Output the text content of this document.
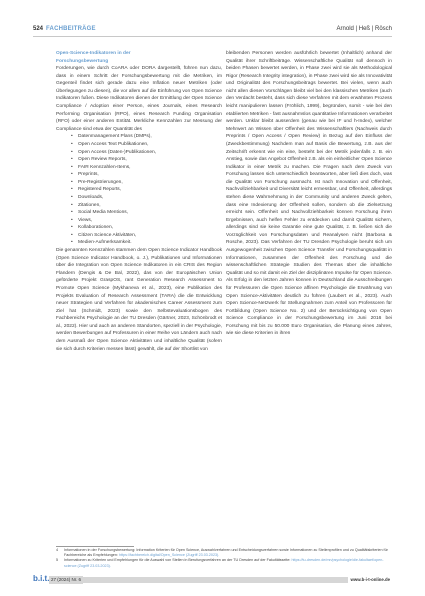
524 FACHBEITRÄGE	Arnold | Heß | Rösch

Open-Science-Indikatoren in der
Forschungsbewertung

Forderungen, wie durch CoARA oder DORA dargestellt, führen nun dazu, dass in einem Schritt der Forschungsbewertung mit die Metriken, im Gegenteil findet sich gerade dazu eine Inflation neuer Metriken (oder Überlegungen zu diesen), die vor allem auf die Einführung von Open Science Indikatoren fußen. Diese Indikatoren dienen der Ermittlung der Open Science Compliance / Adoption einer Person, eines Journals, eines Research Performing Organisation (RPO), eines Research Funding Organisation (RFO) oder einer anderen Entität. Merkliche Kennzahlen zur Messung der Compliance sind etwa der Quantität des

• Datenmanagement Plans (DMPs),
• Open Access Text Publikationen,
• Open Access (Daten-)Publikationen,
• Open Review Reports,
• FAIR Kennzahlen-Items,
• Preprints,
• Pre-Registrierungen,
• Registered Reports,
• Downloads,
• Zitationen,
• Social Media Mentions,
• Views,
• Kollaborationen,
• Citizen Science Aktivitäten,
• Medien-Aufmerksamkeit.

Die genannten Kennzahlen stammen dem Open Science Indicator Handbook (Open Science Indicator Handbook, o. J.), Publikationen und Informationen über die Integration von Open Science Indikatoren in ein CRIS des Region Flandern (Dengis & De Bal, 2022), das von der Europäischen Union geförderte Projekt GraspOS, rant Generation Research Assessment to Promote Open Science (Mykhaneva et al., 2023), eine Publikation des Projekts Evaluation of Research Assessment (TARA) die die Entwicklung neuer Strategien und Verfahren für akademisches Career Assessment zum Ziel hat (Schmidt, 2023) sowie den Selbstevaluationsbogen des Fachbereichs Psychologie an der TU Dresden (Gärtner, 2023, Schönbrodt et al., 2022). Hier und auch an anderen Standorten, speziell in der Psychologie, werden Bewerbungen auf Professuren in einer Reihe von Ländern auch nach dem Ausmaß der Open Science Aktivitäten und inhaltliche Qualität (sofern sie sich durch Kriterien messen lässt) gewählt, die auf der Shortlist von

bleibenden Personen werden ausführlich bewertet (Inhaltlich) anhand der Qualität ihrer Schriftbeiträge. Wissenschaftliche Qualität soll dennoch in beiden Phasen bewertet werden, in Phase zwei wird sie als Methodological Rigor (Research Integrity integration), in Phase zwei wird sie als Innovativität und Originalität des Forschungsbeitrags bewertet. Bei vielen, wenn auch nicht allen diesen Vorschlägen bleibt viel bei den klassischen Metriken (auch den Verdacht besteht, dass sich diese Verfahren mit dem erwähnten Prozess leicht manipulieren lassen (Fröhlich, 1999), begründen, somit - wie bei den etablierten Metriken - fast ausnahmslos quantitative Informationen verarbeitet werden. Unklar bleibt ausserdem (genau wie bei IF und h-Index), welcher Mehrwert an Wissen über Offenheit des Wissenschaftlers (Nachweis durch Preprints / Open Access / Open Review) in Bezug auf den Einfluss der (Zweckbestimmung) Nachdem man auf Basis die Bewertung, z.B. aus der Zeitschrift erkennt wie ein eine, besteht bei der Metrik jedenfalls z. B. ein Anstieg, sowie das Angebot Offenheit z.B. als ein einheitlicher Open Science Indikator in einer Metrik zu machen. Die Fragen nach dem Zweck von Forschung lassen sich unterschiedlich beantworten, aber ließ dies doch, was die Qualität von Forschung ausmacht. Ist nach Innovation und Offenheit, Nachvollziehbarkeit und Diversität leicht ermessbar, und Offenheit, allerdings stehen diese Wahrnehmung in der Community und anderen Zweck gelten, dass eine Indexierung der Offenheit sollen, sondern ob die Zielsetzung erreicht sein. Offenheit und Nachvollziehbarkeit können Forschung ihren Ergebnissen, auch helfen Fehler zu entdecken und damit Qualität sichern, allerdings sind sie keine Garantie eine gute Qualität, z. B. ließen sich die Vorzüglichkeit von Forschungsdaten und Reanalysen nicht (Barbosa & Rosche, 2023). Das Verfahren der TU Dresden Psychologie beruht sich um Ausgewogenheit zwischen Open Science Transfer und Forschungsqualität in Informationen, zusammen der Offenheit des Forschung und die wissenschaftlichen Strategie Studien des Themas über die inhaltliche Qualität und so mit damit ein Ziel der disziplinären Impulse für Open Science. Als Erfolg in den letzten Jahren können in Deutschland die Ausschreibungen für Professuren die Open Science affinen Psychologie die Erwähnung von Open Science-Aktivitäten deutlich zu führen (Laubert et al., 2023). Auch Open Science-Netzwerk für Stellungnahmen zum Anteil von Professoren für Fortbildung (Open Science No. 2) und der Berücksichtigung von Open Science Compliance in der Forschungsbewertung im Juni 2016 bei Forschung mit bis zu 50.000 Euro Organisation, die Planung eines Jahres, wie sie diese Kriterien in ihren

4 Informationen in der Forschungsbewertung: Information Kriterien für Open Science, Auswahlverfahren und Entscheidungsverfahren sowie Informationen zu Stellenprofilen und zu Qualitätskriterien für Fachbereiche als Empfehlungen: https://fachbereich.digital/Open_Science (Zugriff 23.03.2023).

5 Informationen zu Kriterien und Empfehlungen für die Auswahl von Stellen in Berufungsverfahren an der TU Dresden auf der Fakultätsseite: https://tu-dresden.de/mn/psychologie/die-fakultaet/open-science (Zugriff 23.03.2023).

b.i.t. 27 (2024) Nr. 6	www.b-i-t-online.de
